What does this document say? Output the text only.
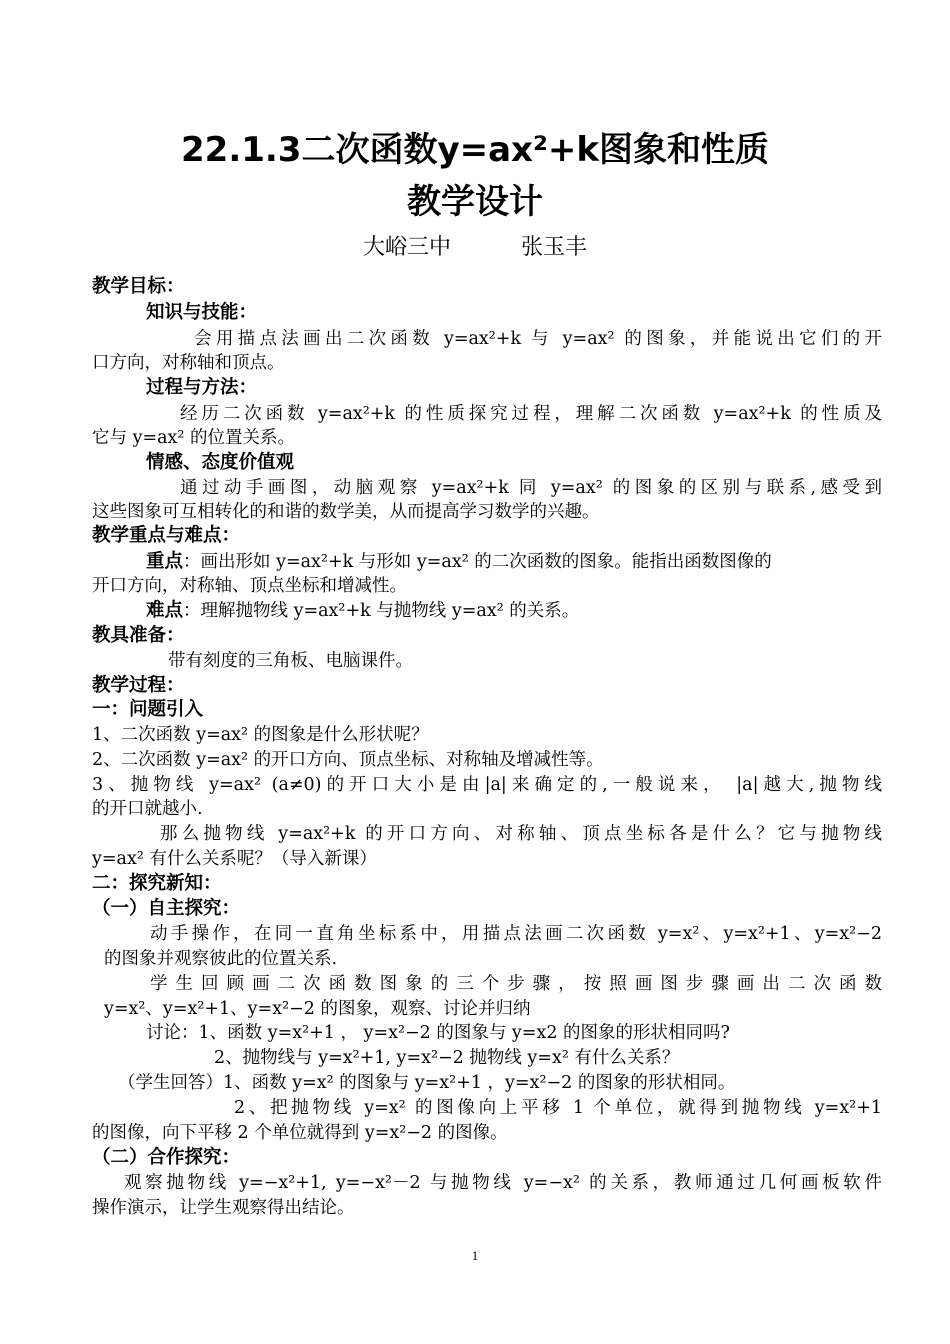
22.1.3二次函数y=ax²+k图象和性质
教学设计
大峪三中	张玉丰
教学目标：
知识与技能：
会用描点法画出二次函数 y=ax²+k 与 y=ax² 的图象，并能说出它们的开
口方向，对称轴和顶点。
过程与方法：
经历二次函数 y=ax²+k 的性质探究过程，理解二次函数 y=ax²+k 的性质及
它与 y=ax² 的位置关系。
情感、态度价值观
通过动手画图，动脑观察 y=ax²+k 同 y=ax² 的图象的区别与联系,感受到
这些图象可互相转化的和谐的数学美，从而提高学习数学的兴趣。
教学重点与难点：
重点：画出形如 y=ax²+k 与形如 y=ax² 的二次函数的图象。能指出函数图像的
开口方向，对称轴、顶点坐标和增减性。
难点：理解抛物线 y=ax²+k 与抛物线 y=ax² 的关系。
教具准备：
带有刻度的三角板、电脑课件。
教学过程：
一：问题引入
1、二次函数 y=ax² 的图象是什么形状呢？
2、二次函数 y=ax² 的开口方向、顶点坐标、对称轴及增减性等。
3、抛物线 y=ax² (a≠0)的开口大小是由|a|来确定的,一般说来， |a|越大,抛物线
的开口就越小.
那么抛物线 y=ax²+k 的开口方向、对称轴、顶点坐标各是什么？它与抛物线
y=ax² 有什么关系呢？（导入新课）
二：探究新知：
（一）自主探究：
动手操作，在同一直角坐标系中，用描点法画二次函数 y=x²、y=x²+1、y=x²−2
的图象并观察彼此的位置关系.
学生回顾画二次函数图象的三个步骤，按照画图步骤画出二次函数
y=x²、y=x²+1、y=x²−2 的图象，观察、讨论并归纳
讨论：1、函数 y=x²+1 ， y=x²−2 的图象与 y=x2 的图象的形状相同吗?
2、抛物线与 y=x²+1, y=x²−2 抛物线 y=x² 有什么关系？
（学生回答）1、函数 y=x² 的图象与 y=x²+1 ，y=x²−2 的图象的形状相同。
2、把抛物线 y=x² 的图像向上平移 1 个单位，就得到抛物线 y=x²+1
的图像，向下平移 2 个单位就得到 y=x²−2 的图像。
（二）合作探究：
观察抛物线 y=−x²+1, y=−x²－2 与抛物线 y=−x² 的关系，教师通过几何画板软件
操作演示，让学生观察得出结论。
1
